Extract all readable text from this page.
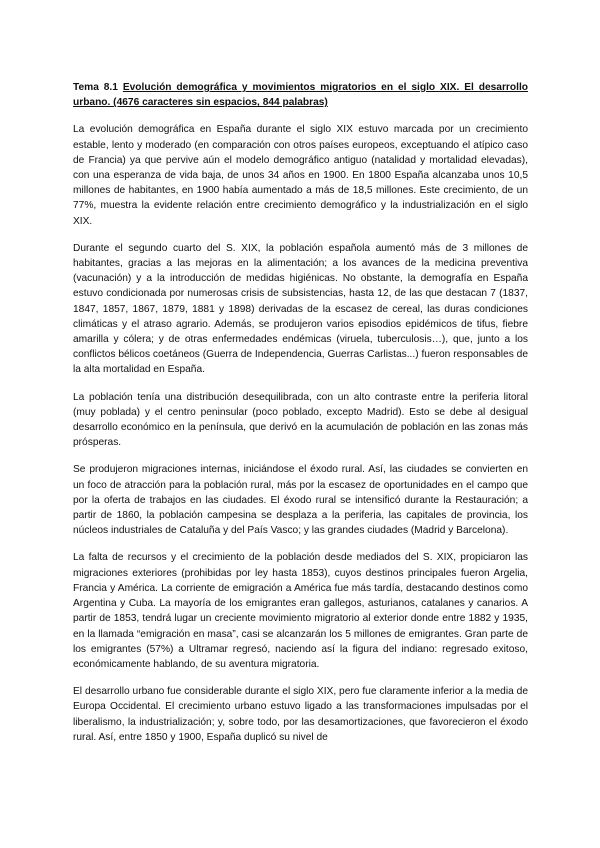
Tema 8.1 Evolución demográfica y movimientos migratorios en el siglo XIX. El desarrollo urbano. (4676 caracteres sin espacios, 844 palabras)

La evolución demográfica en España durante el siglo XIX estuvo marcada por un crecimiento estable, lento y moderado (en comparación con otros países europeos, exceptuando el atípico caso de Francia) ya que pervive aún el modelo demográfico antiguo (natalidad y mortalidad elevadas), con una esperanza de vida baja, de unos 34 años en 1900. En 1800 España alcanzaba unos 10,5 millones de habitantes, en 1900 había aumentado a más de 18,5 millones. Este crecimiento, de un 77%, muestra la evidente relación entre crecimiento demográfico y la industrialización en el siglo XIX.

Durante el segundo cuarto del S. XIX, la población española aumentó más de 3 millones de habitantes, gracias a las mejoras en la alimentación; a los avances de la medicina preventiva (vacunación) y a la introducción de medidas higiénicas. No obstante, la demografía en España estuvo condicionada por numerosas crisis de subsistencias, hasta 12, de las que destacan 7 (1837, 1847, 1857, 1867, 1879, 1881 y 1898) derivadas de la escasez de cereal, las duras condiciones climáticas y el atraso agrario. Además, se produjeron varios episodios epidémicos de tifus, fiebre amarilla y cólera; y de otras enfermedades endémicas (viruela, tuberculosis…), que, junto a los conflictos bélicos coetáneos (Guerra de Independencia, Guerras Carlistas...) fueron responsables de la alta mortalidad en España.

La población tenía una distribución desequilibrada, con un alto contraste entre la periferia litoral (muy poblada) y el centro peninsular (poco poblado, excepto Madrid). Esto se debe al desigual desarrollo económico en la península, que derivó en la acumulación de población en las zonas más prósperas.

Se produjeron migraciones internas, iniciándose el éxodo rural. Así, las ciudades se convierten en un foco de atracción para la población rural, más por la escasez de oportunidades en el campo que por la oferta de trabajos en las ciudades. El éxodo rural se intensificó durante la Restauración; a partir de 1860, la población campesina se desplaza a la periferia, las capitales de provincia, los núcleos industriales de Cataluña y del País Vasco; y las grandes ciudades (Madrid y Barcelona).

La falta de recursos y el crecimiento de la población desde mediados del S. XIX, propiciaron las migraciones exteriores (prohibidas por ley hasta 1853), cuyos destinos principales fueron Argelia, Francia y América. La corriente de emigración a América fue más tardía, destacando destinos como Argentina y Cuba. La mayoría de los emigrantes eran gallegos, asturianos, catalanes y canarios. A partir de 1853, tendrá lugar un creciente movimiento migratorio al exterior donde entre 1882 y 1935, en la llamada “emigración en masa”, casi se alcanzarán los 5 millones de emigrantes. Gran parte de los emigrantes (57%) a Ultramar regresó, naciendo así la figura del indiano: regresado exitoso, económicamente hablando, de su aventura migratoria.

El desarrollo urbano fue considerable durante el siglo XIX, pero fue claramente inferior a la media de Europa Occidental. El crecimiento urbano estuvo ligado a las transformaciones impulsadas por el liberalismo, la industrialización; y, sobre todo, por las desamortizaciones, que favorecieron el éxodo rural. Así, entre 1850 y 1900, España duplicó su nivel de
